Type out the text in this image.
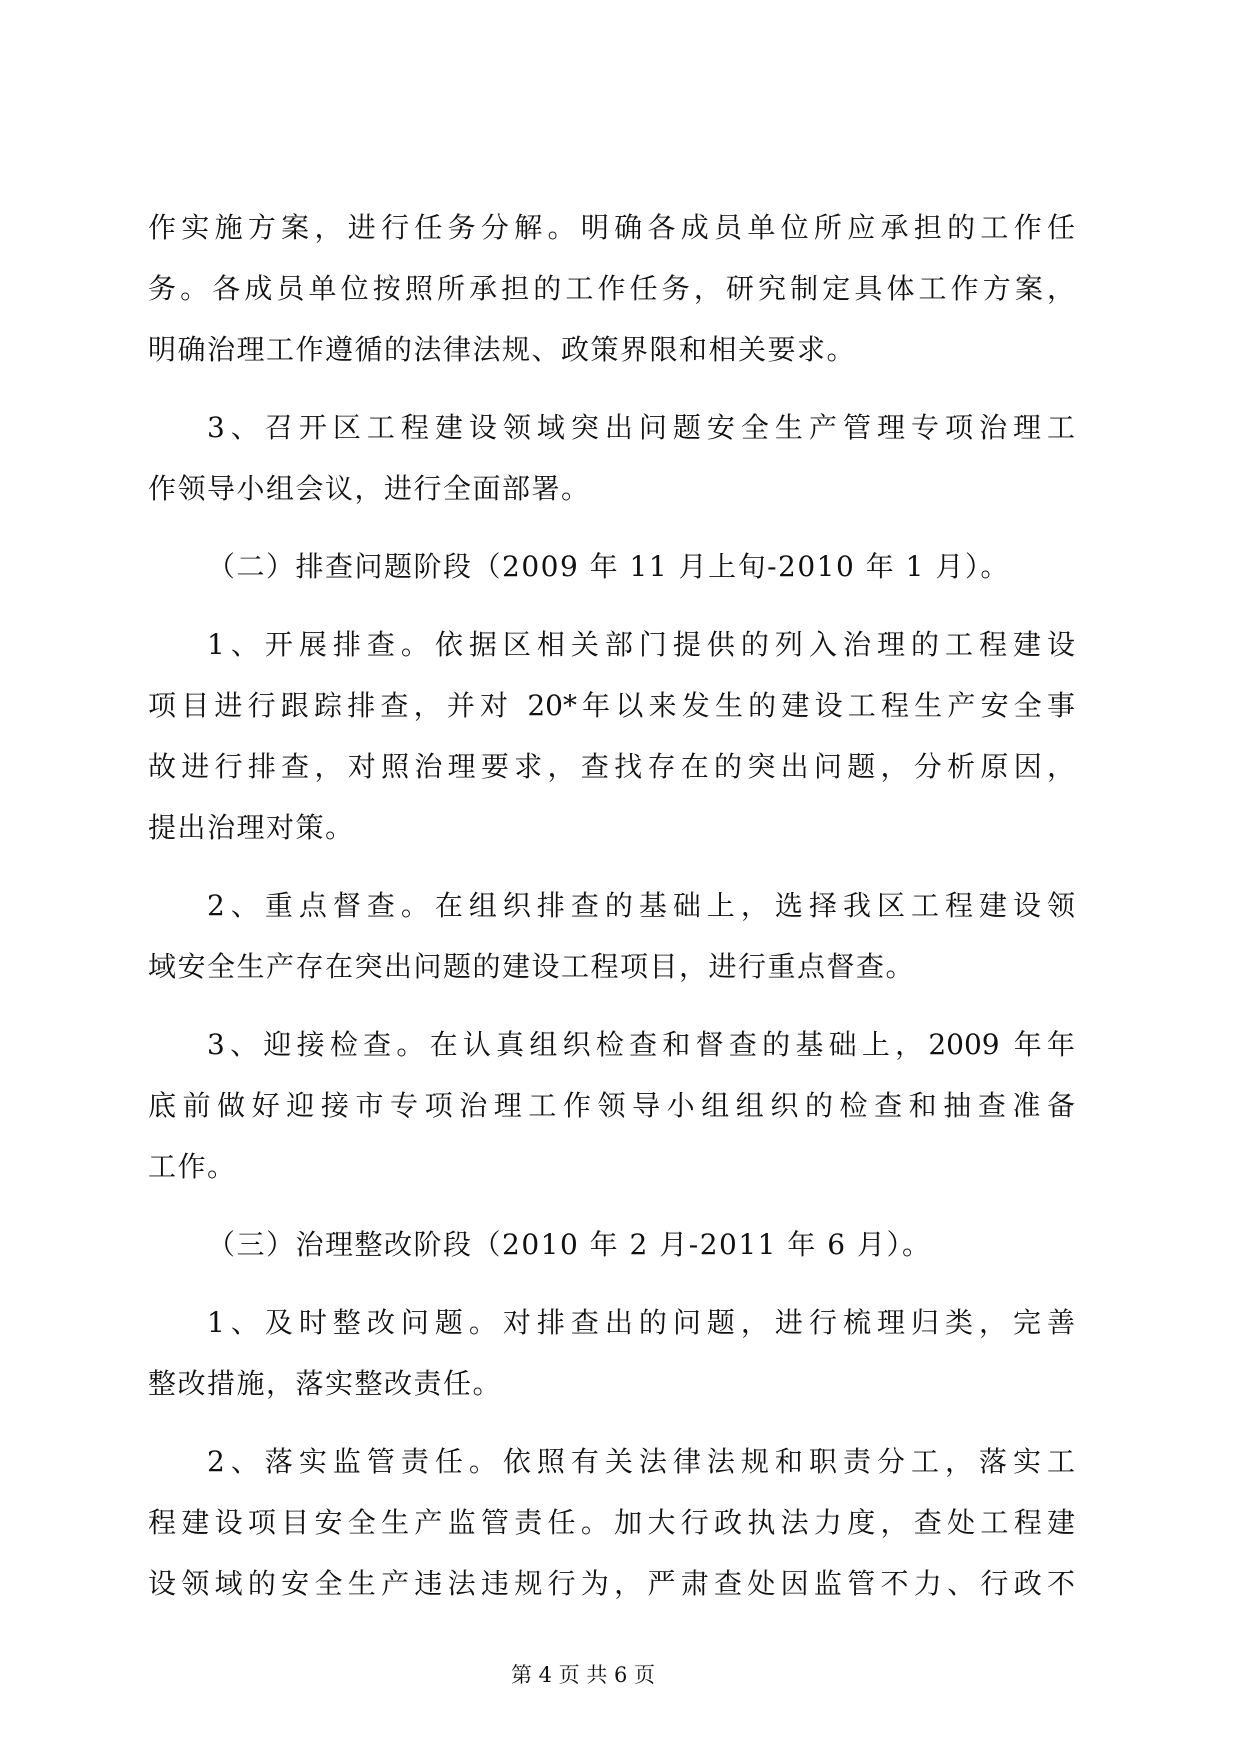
作实施方案，进行任务分解。明确各成员单位所应承担的工作任
务。各成员单位按照所承担的工作任务，研究制定具体工作方案，
明确治理工作遵循的法律法规、政策界限和相关要求。
3、召开区工程建设领域突出问题安全生产管理专项治理工
作领导小组会议，进行全面部署。
（二）排查问题阶段（2009 年 11 月上旬-2010 年 1 月）。
1、开展排查。依据区相关部门提供的列入治理的工程建设
项目进行跟踪排查，并对 20*年以来发生的建设工程生产安全事
故进行排查，对照治理要求，查找存在的突出问题，分析原因，
提出治理对策。
2、重点督查。在组织排查的基础上，选择我区工程建设领
域安全生产存在突出问题的建设工程项目，进行重点督查。
3、迎接检查。在认真组织检查和督查的基础上，2009 年年
底前做好迎接市专项治理工作领导小组组织的检查和抽查准备
工作。
（三）治理整改阶段（2010 年 2 月-2011 年 6 月）。
1、及时整改问题。对排查出的问题，进行梳理归类，完善
整改措施，落实整改责任。
2、落实监管责任。依照有关法律法规和职责分工，落实工
程建设项目安全生产监管责任。加大行政执法力度，查处工程建
设领域的安全生产违法违规行为，严肃查处因监管不力、行政不
第 4 页 共 6 页
